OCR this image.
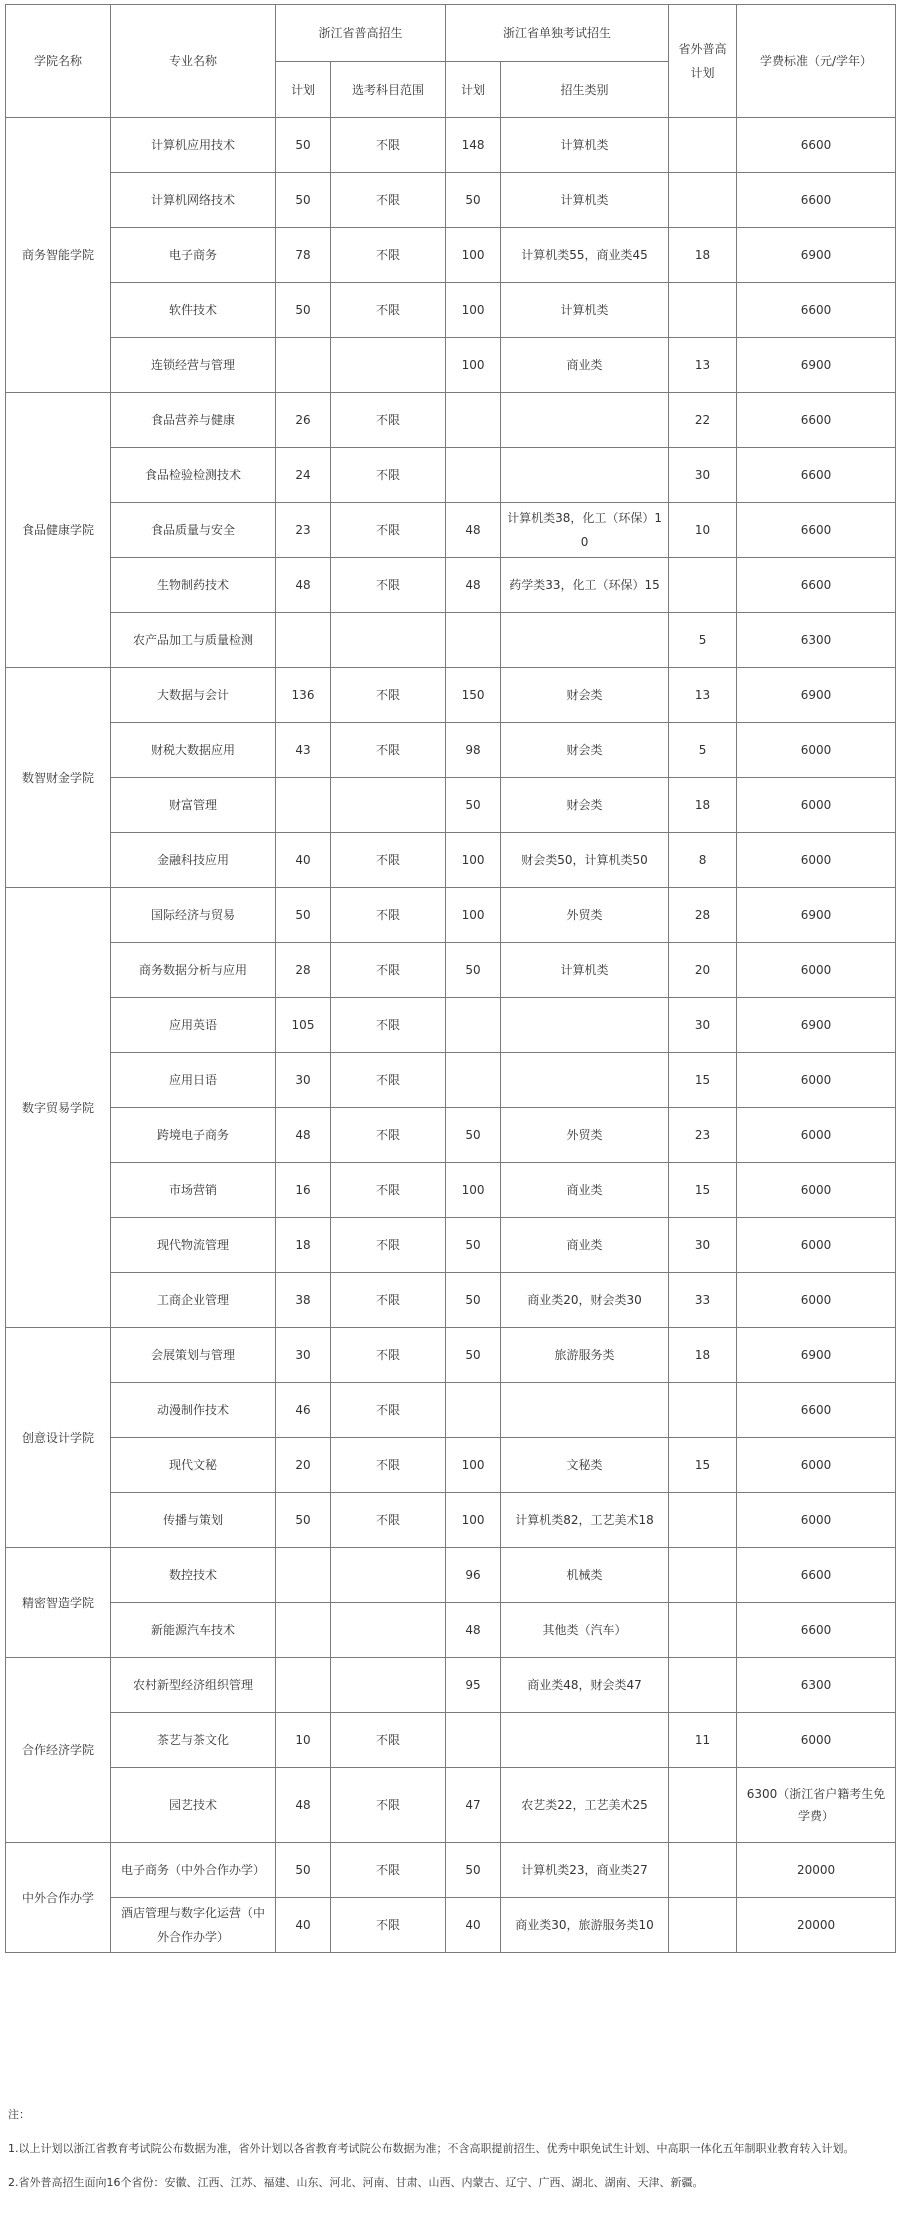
学院名称	专业名称	浙江省普高招生		浙江省单独考试招生		省外普高计划	学费标准（元/学年）
		计划	选考科目范围	计划	招生类别		
商务智能学院	计算机应用技术	50	不限	148	计算机类		6600
	计算机网络技术	50	不限	50	计算机类		6600
	电子商务	78	不限	100	计算机类55，商业类45	18	6900
	软件技术	50	不限	100	计算机类		6600
	连锁经营与管理			100	商业类	13	6900
食品健康学院	食品营养与健康	26	不限			22	6600
	食品检验检测技术	24	不限			30	6600
	食品质量与安全	23	不限	48	计算机类38，化工（环保）10	10	6600
	生物制药技术	48	不限	48	药学类33，化工（环保）15		6600
	农产品加工与质量检测					5	6300
数智财金学院	大数据与会计	136	不限	150	财会类	13	6900
	财税大数据应用	43	不限	98	财会类	5	6000
	财富管理			50	财会类	18	6000
	金融科技应用	40	不限	100	财会类50，计算机类50	8	6000
数字贸易学院	国际经济与贸易	50	不限	100	外贸类	28	6900
	商务数据分析与应用	28	不限	50	计算机类	20	6000
	应用英语	105	不限			30	6900
	应用日语	30	不限			15	6000
	跨境电子商务	48	不限	50	外贸类	23	6000
	市场营销	16	不限	100	商业类	15	6000
	现代物流管理	18	不限	50	商业类	30	6000
	工商企业管理	38	不限	50	商业类20，财会类30	33	6000
创意设计学院	会展策划与管理	30	不限	50	旅游服务类	18	6900
	动漫制作技术	46	不限				6600
	现代文秘	20	不限	100	文秘类	15	6000
	传播与策划	50	不限	100	计算机类82，工艺美术18		6000
精密智造学院	数控技术			96	机械类		6600
	新能源汽车技术			48	其他类（汽车）		6600
合作经济学院	农村新型经济组织管理			95	商业类48，财会类47		6300
	茶艺与茶文化	10	不限			11	6000
	园艺技术	48	不限	47	农艺类22，工艺美术25		6300（浙江省户籍考生免学费）
中外合作办学	电子商务（中外合作办学）	50	不限	50	计算机类23，商业类27		20000
	酒店管理与数字化运营（中外合作办学）	40	不限	40	商业类30，旅游服务类10		20000

注：

1.以上计划以浙江省教育考试院公布数据为准，省外计划以各省教育考试院公布数据为准；不含高职提前招生、优秀中职免试生计划、中高职一体化五年制职业教育转入计划。

2.省外普高招生面向16个省份：安徽、江西、江苏、福建、山东、河北、河南、甘肃、山西、内蒙古、辽宁、广西、湖北、湖南、天津、新疆。
